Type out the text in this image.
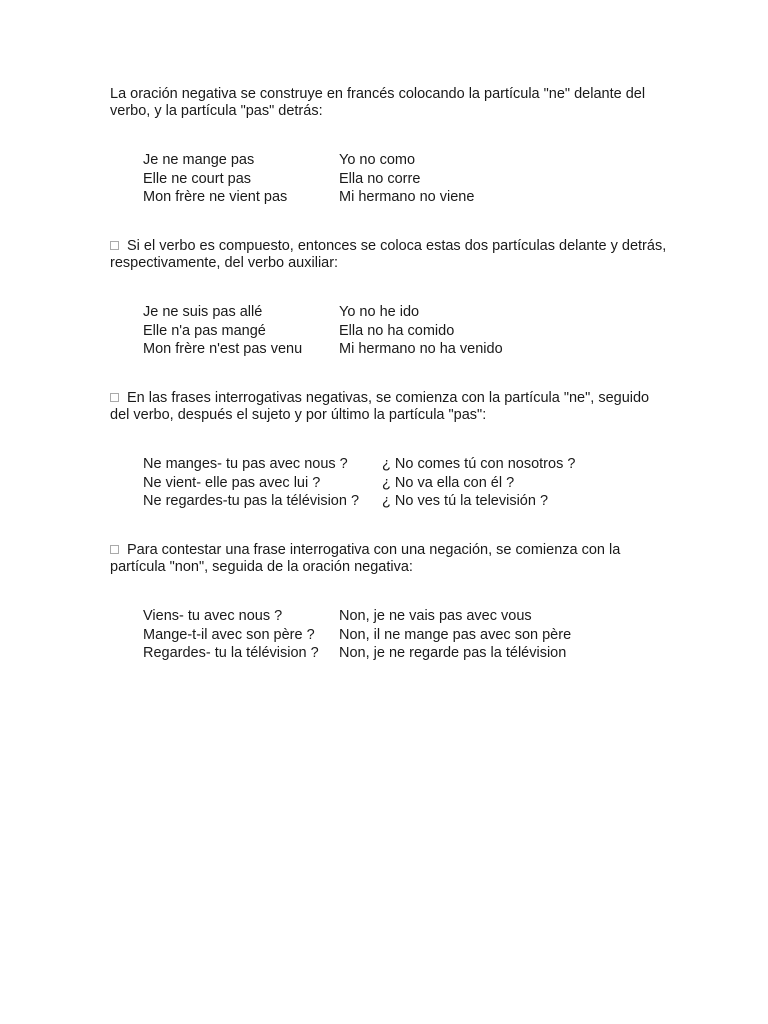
La oración negativa se construye en francés colocando la partícula "ne" delante del verbo, y la partícula "pas" detrás:

Je ne mange pas	Yo no como
Elle ne court pas	Ella no corre
Mon frère ne vient pas	Mi hermano no viene

Si el verbo es compuesto, entonces se coloca estas dos partículas delante y detrás, respectivamente, del verbo auxiliar:

Je ne suis pas allé	Yo no he ido
Elle n'a pas mangé	Ella no ha comido
Mon frère n'est pas venu	Mi hermano no ha venido

En las frases interrogativas negativas, se comienza con la partícula "ne", seguido del verbo, después el sujeto y por último la partícula "pas":

Ne manges- tu pas avec nous ?	¿ No comes tú con nosotros ?
Ne vient- elle pas avec lui ?	¿ No va ella con él ?
Ne regardes-tu pas la télévision ?	¿ No ves tú la televisión ?

Para contestar una frase interrogativa con una negación, se comienza con la partícula "non", seguida de la oración negativa:

Viens- tu avec nous ?	Non, je ne vais pas avec vous
Mange-t-il avec son père ?	Non, il ne mange pas avec son père
Regardes- tu la télévision ?	Non, je ne regarde pas la télévision
